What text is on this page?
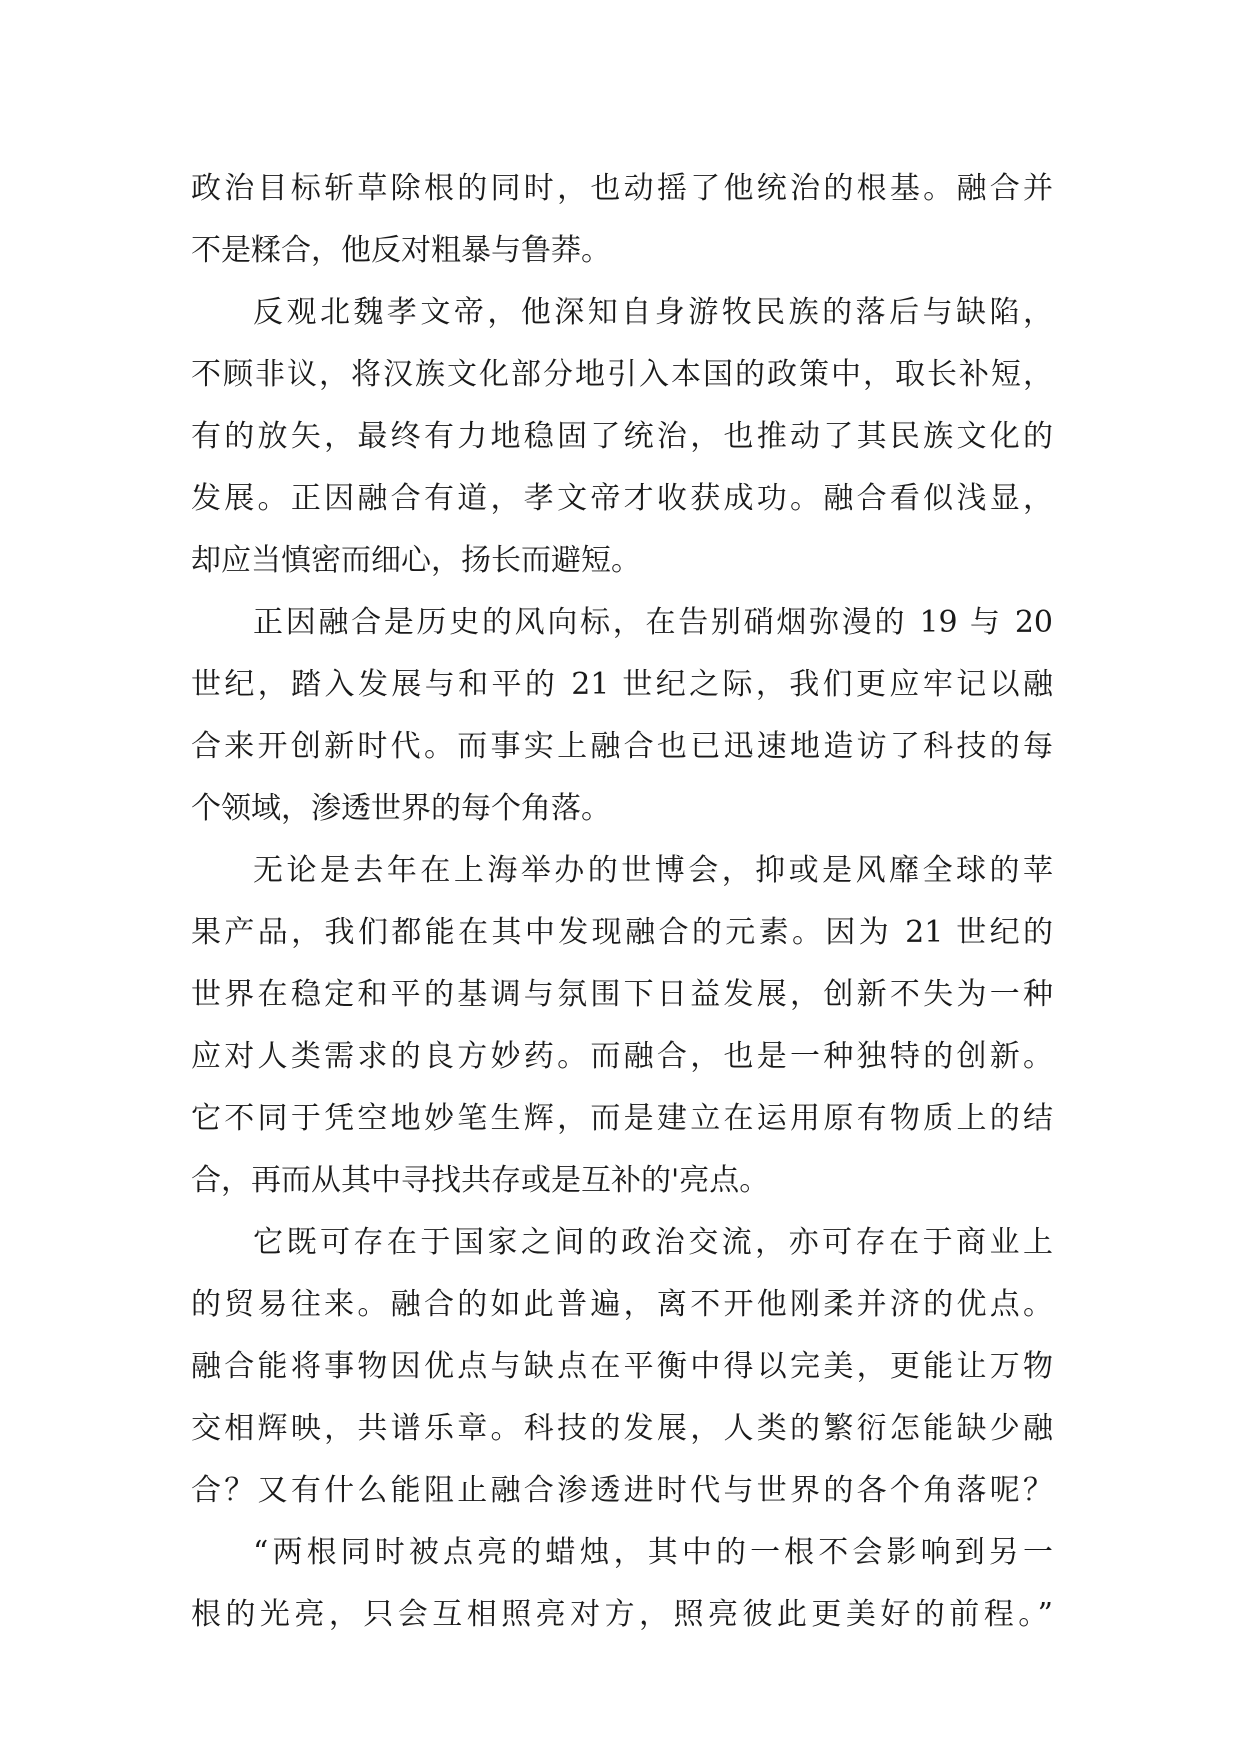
政治目标斩草除根的同时，也动摇了他统治的根基。融合并
不是糅合，他反对粗暴与鲁莽。
反观北魏孝文帝，他深知自身游牧民族的落后与缺陷，
不顾非议，将汉族文化部分地引入本国的政策中，取长补短，
有的放矢，最终有力地稳固了统治，也推动了其民族文化的
发展。正因融合有道，孝文帝才收获成功。融合看似浅显，
却应当慎密而细心，扬长而避短。
正因融合是历史的风向标，在告别硝烟弥漫的 19 与 20
世纪，踏入发展与和平的 21 世纪之际，我们更应牢记以融
合来开创新时代。而事实上融合也已迅速地造访了科技的每
个领域，渗透世界的每个角落。
无论是去年在上海举办的世博会，抑或是风靡全球的苹
果产品，我们都能在其中发现融合的元素。因为 21 世纪的
世界在稳定和平的基调与氛围下日益发展，创新不失为一种
应对人类需求的良方妙药。而融合，也是一种独特的创新。
它不同于凭空地妙笔生辉，而是建立在运用原有物质上的结
合，再而从其中寻找共存或是互补的'亮点。
它既可存在于国家之间的政治交流，亦可存在于商业上
的贸易往来。融合的如此普遍，离不开他刚柔并济的优点。
融合能将事物因优点与缺点在平衡中得以完美，更能让万物
交相辉映，共谱乐章。科技的发展，人类的繁衍怎能缺少融
合？又有什么能阻止融合渗透进时代与世界的各个角落呢？
“两根同时被点亮的蜡烛，其中的一根不会影响到另一
根的光亮，只会互相照亮对方，照亮彼此更美好的前程。”
